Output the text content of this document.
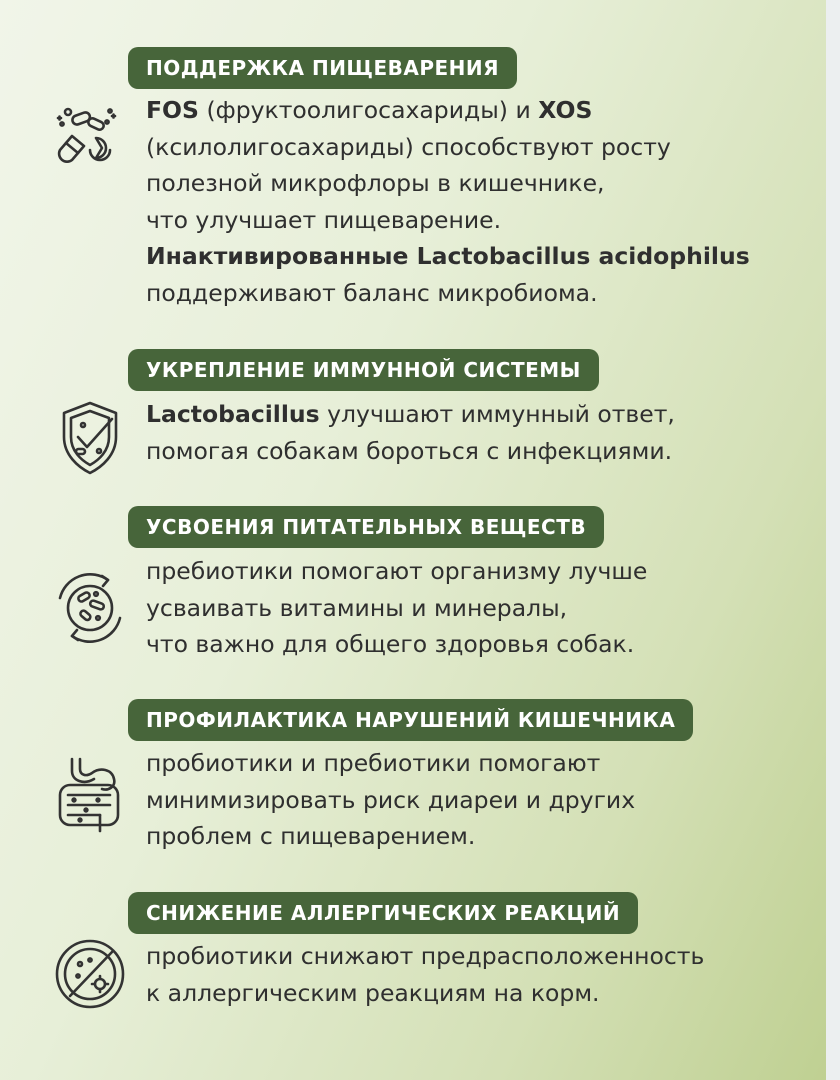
ПОДДЕРЖКА ПИЩЕВАРЕНИЯ
FOS (фруктоолигосахариды) и XOS
(ксилолигосахариды) способствуют росту
полезной микрофлоры в кишечнике,
что улучшает пищеварение.
Инактивированные Lactobacillus acidophilus
поддерживают баланс микробиома.
УКРЕПЛЕНИЕ ИММУННОЙ СИСТЕМЫ
Lactobacillus улучшают иммунный ответ,
помогая собакам бороться с инфекциями.
УСВОЕНИЯ ПИТАТЕЛЬНЫХ ВЕЩЕСТВ
пребиотики помогают организму лучше
усваивать витамины и минералы,
что важно для общего здоровья собак.
ПРОФИЛАКТИКА НАРУШЕНИЙ КИШЕЧНИКА
пробиотики и пребиотики помогают
минимизировать риск диареи и других
проблем с пищеварением.
СНИЖЕНИЕ АЛЛЕРГИЧЕСКИХ РЕАКЦИЙ
пробиотики снижают предрасположенность
к аллергическим реакциям на корм.
